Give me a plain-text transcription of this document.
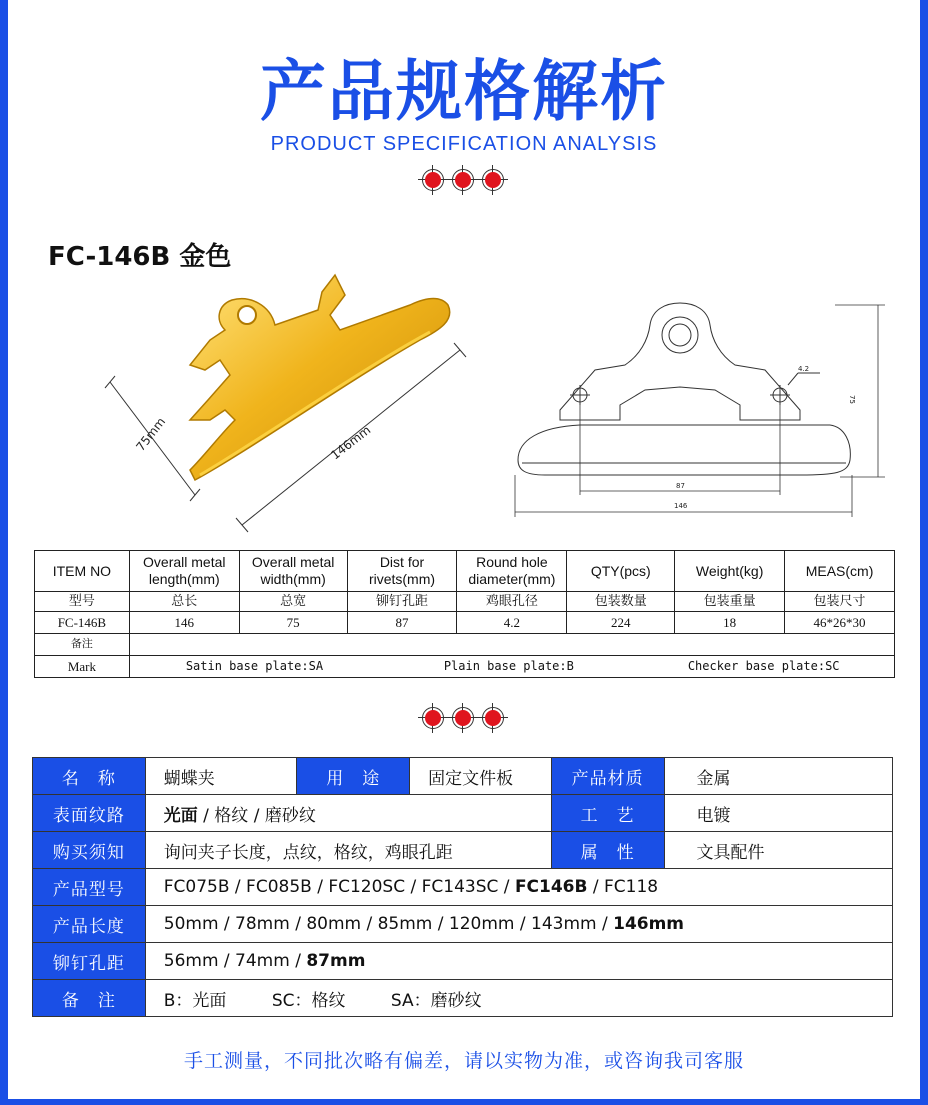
产品规格解析
PRODUCT SPECIFICATION ANALYSIS
FC-146B 金色
75mm	146mm
4.2
75
87
146
ITEM NO	Overall metal length(mm)	Overall metal width(mm)	Dist for rivets(mm)	Round hole diameter(mm)	QTY(pcs)	Weight(kg)	MEAS(cm)
型号	总长	总宽	铆钉孔距	鸡眼孔径	包装数量	包装重量	包装尺寸
FC-146B	146	75	87	4.2	224	18	46*26*30
备注							
Mark	Satin base plate:SA Plain base plate:B Checker base plate:SC						
名　称	蝴蝶夹	用　途	固定文件板	产品材质	金属
表面纹路	光面 / 格纹 / 磨砂纹			工　艺	电镀
购买须知	询问夹子长度，点纹，格纹，鸡眼孔距			属　性	文具配件
产品型号	FC075B / FC085B / FC120SC / FC143SC / FC146B / FC118				
产品长度	50mm / 78mm / 80mm / 85mm / 120mm / 143mm / 146mm				
铆钉孔距	56mm / 74mm / 87mm				
备　注	B：光面 SC：格纹 SA：磨砂纹				
手工测量，不同批次略有偏差，请以实物为准，或咨询我司客服
